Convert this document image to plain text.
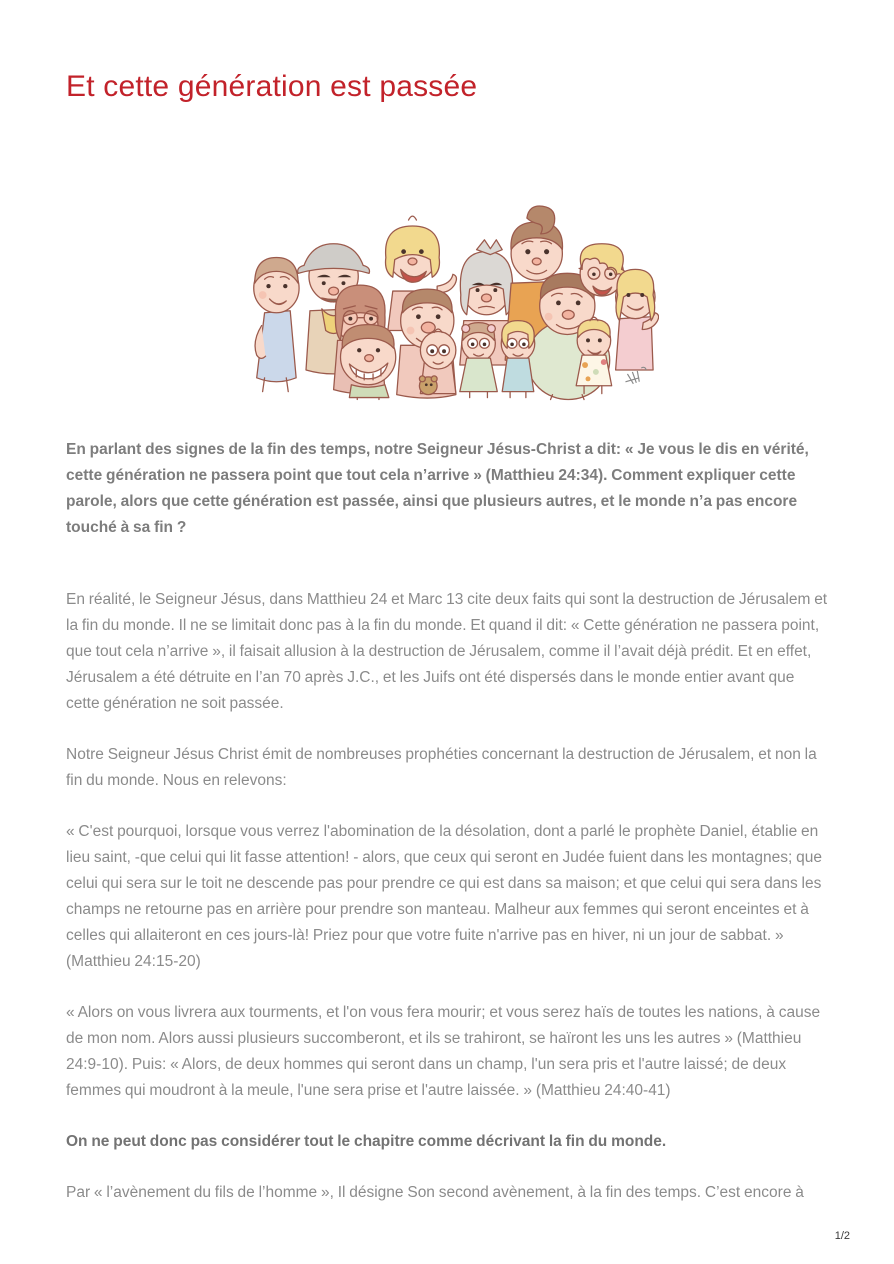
Et cette génération est passée

En parlant des signes de la fin des temps, notre Seigneur Jésus-Christ a dit: « Je vous le dis en vérité, cette génération ne passera point que tout cela n’arrive » (Matthieu 24:34). Comment expliquer cette parole, alors que cette génération est passée, ainsi que plusieurs autres, et le monde n’a pas encore touché à sa fin ?

En réalité, le Seigneur Jésus, dans Matthieu 24 et Marc 13 cite deux faits qui sont la destruction de Jérusalem et la fin du monde. Il ne se limitait donc pas à la fin du monde. Et quand il dit: « Cette génération ne passera point, que tout cela n’arrive », il faisait allusion à la destruction de Jérusalem, comme il l’avait déjà prédit. Et en effet, Jérusalem a été détruite en l’an 70 après J.C., et les Juifs ont été dispersés dans le monde entier avant que cette génération ne soit passée.

Notre Seigneur Jésus Christ émit de nombreuses prophéties concernant la destruction de Jérusalem, et non la fin du monde. Nous en relevons:

« C'est pourquoi, lorsque vous verrez l'abomination de la désolation, dont a parlé le prophète Daniel, établie en lieu saint, -que celui qui lit fasse attention! - alors, que ceux qui seront en Judée fuient dans les montagnes; que celui qui sera sur le toit ne descende pas pour prendre ce qui est dans sa maison; et que celui qui sera dans les champs ne retourne pas en arrière pour prendre son manteau. Malheur aux femmes qui seront enceintes et à celles qui allaiteront en ces jours-là! Priez pour que votre fuite n'arrive pas en hiver, ni un jour de sabbat. » (Matthieu 24:15-20)

« Alors on vous livrera aux tourments, et l'on vous fera mourir; et vous serez haïs de toutes les nations, à cause de mon nom. Alors aussi plusieurs succomberont, et ils se trahiront, se haïront les uns les autres » (Matthieu 24:9-10). Puis: « Alors, de deux hommes qui seront dans un champ, l'un sera pris et l'autre laissé; de deux femmes qui moudront à la meule, l'une sera prise et l'autre laissée. » (Matthieu 24:40-41)

On ne peut donc pas considérer tout le chapitre comme décrivant la fin du monde.

Par « l’avènement du fils de l’homme », Il désigne Son second avènement, à la fin des temps. C’est encore à

1/2
